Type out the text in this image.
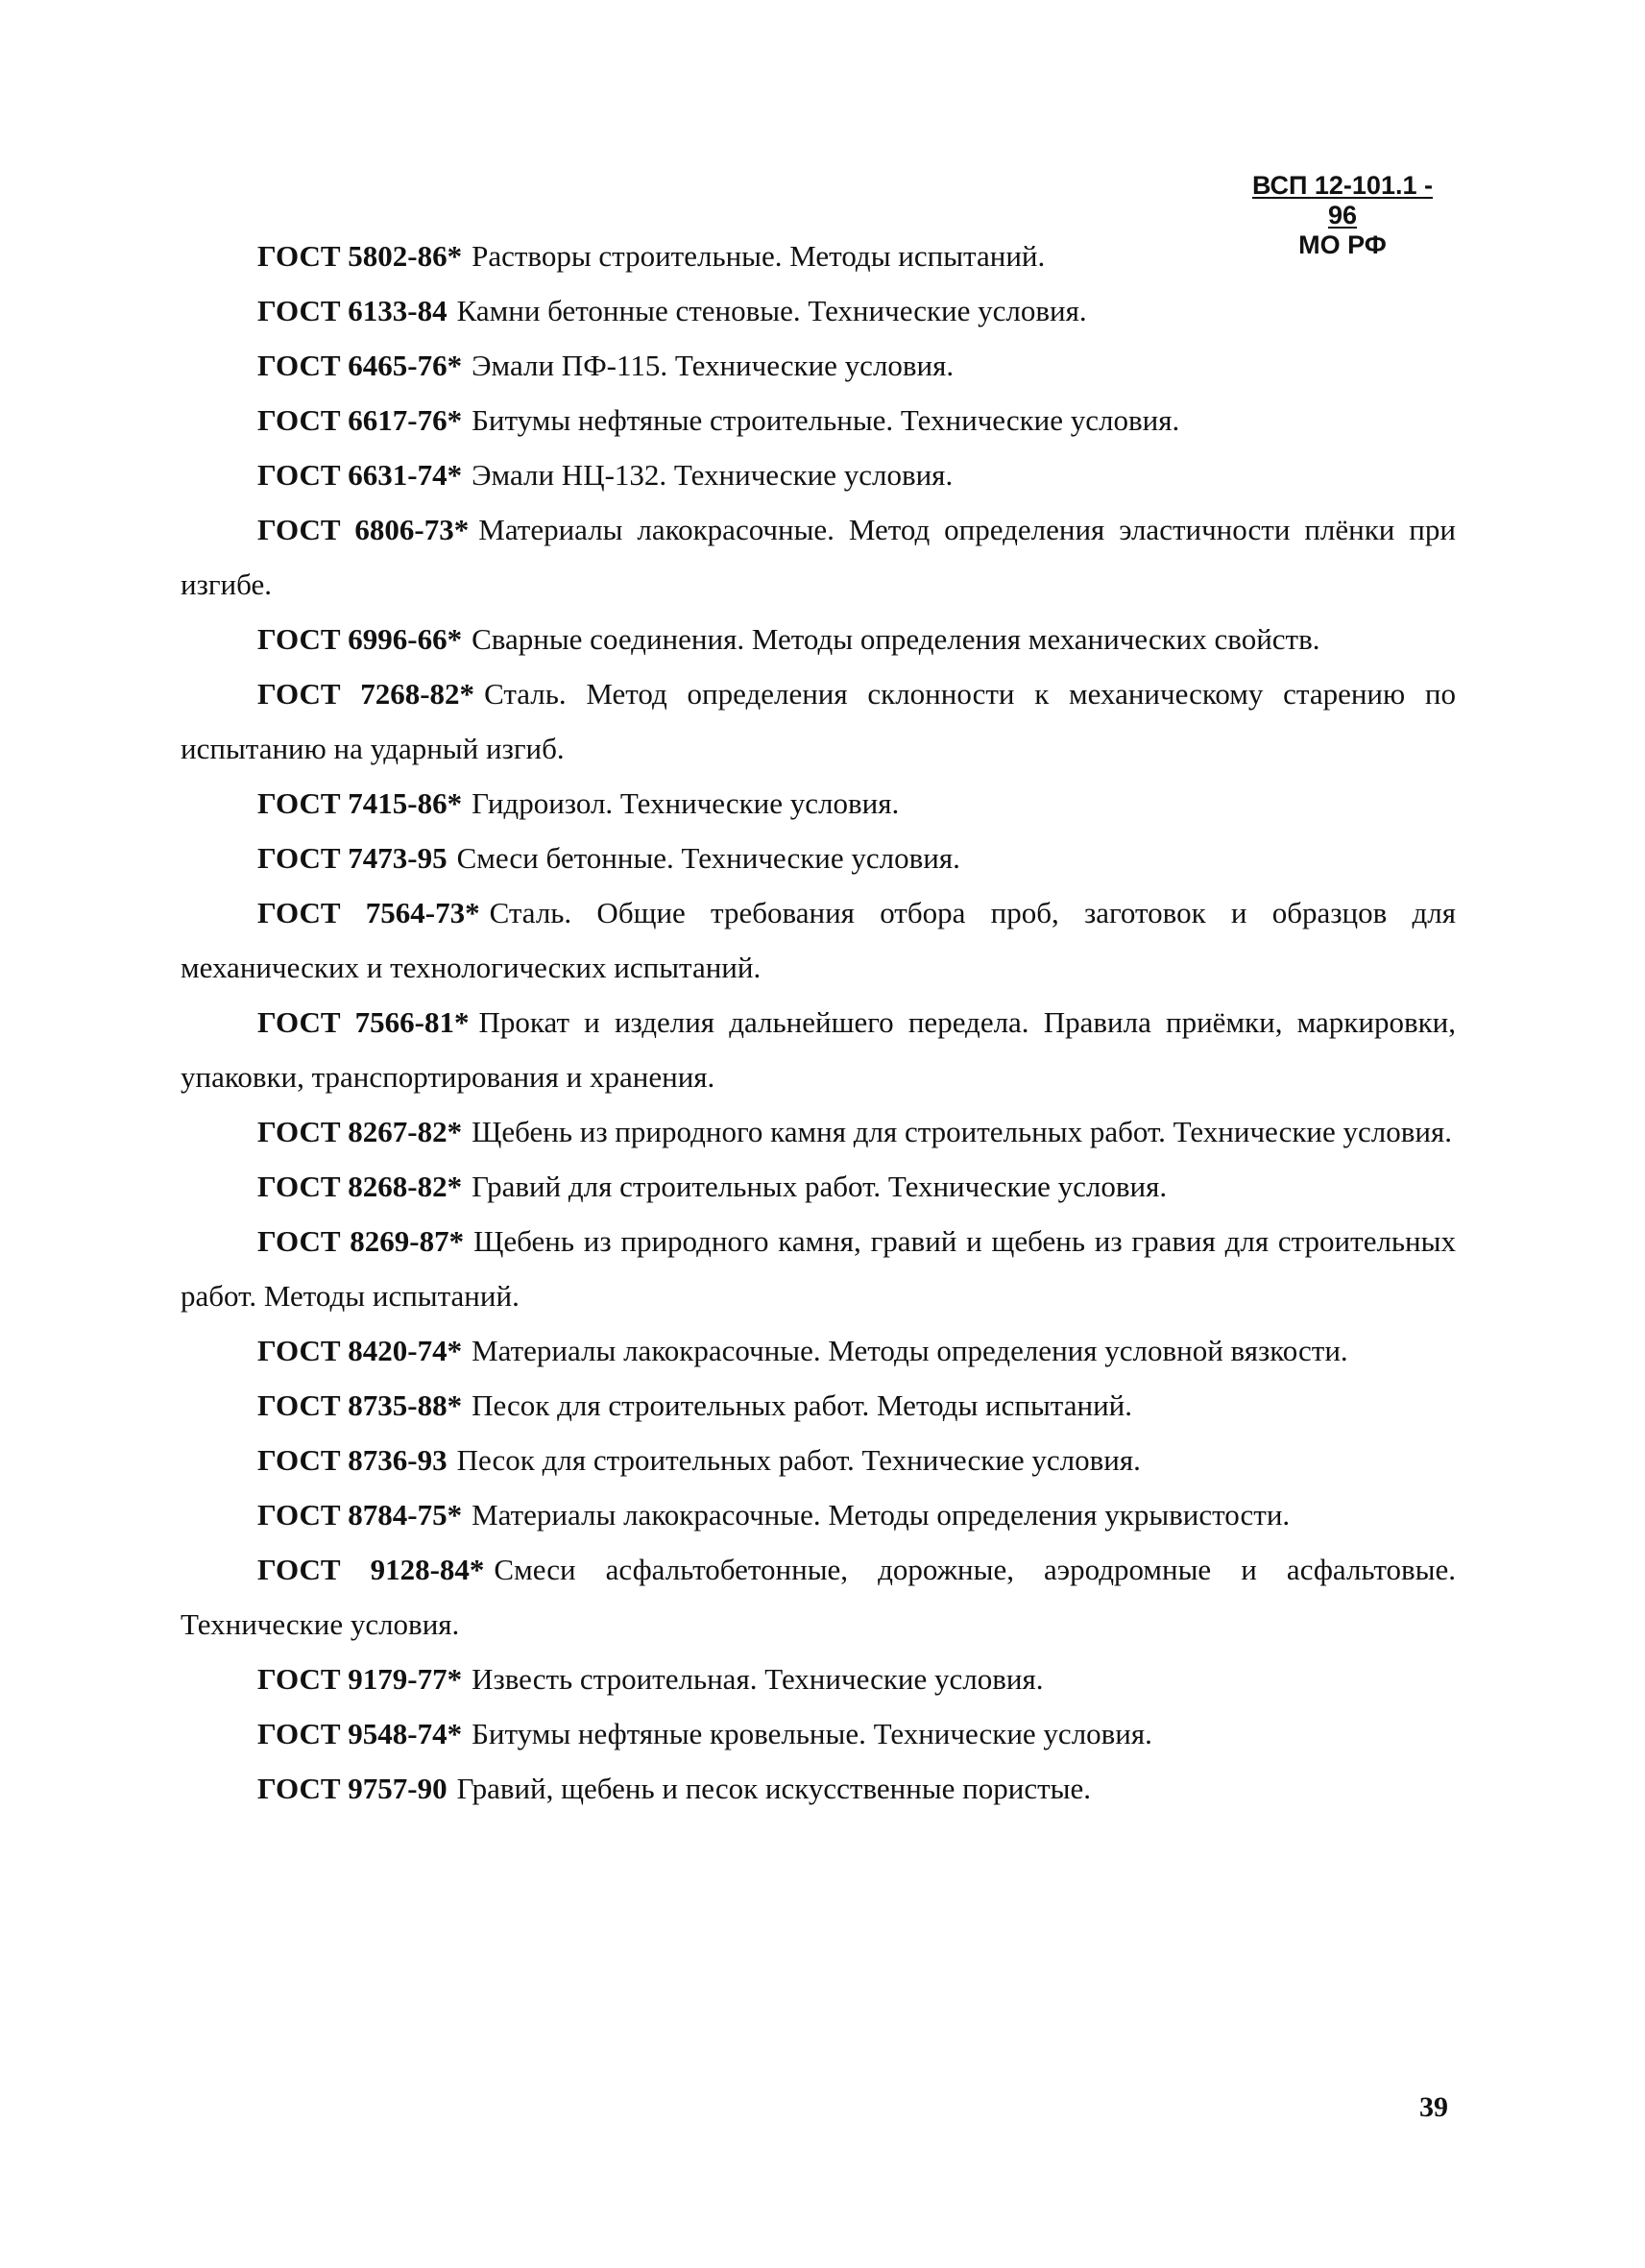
ВСП 12-101.1 - 96
МО РФ

ГОСТ 5802-86* Растворы строительные. Методы испытаний.

ГОСТ 6133-84 Камни бетонные стеновые. Технические условия.

ГОСТ 6465-76* Эмали ПФ-115. Технические условия.

ГОСТ 6617-76* Битумы нефтяные строительные. Технические условия.

ГОСТ 6631-74* Эмали НЦ-132. Технические условия.

ГОСТ 6806-73* Материалы лакокрасочные. Метод определения эластичности плёнки при изгибе.

ГОСТ 6996-66* Сварные соединения. Методы определения механических свойств.

ГОСТ 7268-82* Сталь. Метод определения склонности к механическому старению по испытанию на ударный изгиб.

ГОСТ 7415-86* Гидроизол. Технические условия.

ГОСТ 7473-95 Смеси бетонные. Технические условия.

ГОСТ 7564-73* Сталь. Общие требования отбора проб, заготовок и образцов для механических и технологических испытаний.

ГОСТ 7566-81* Прокат и изделия дальнейшего передела. Правила приёмки, маркировки, упаковки, транспортирования и хранения.

ГОСТ 8267-82* Щебень из природного камня для строительных работ. Технические условия.

ГОСТ 8268-82* Гравий для строительных работ. Технические условия.

ГОСТ 8269-87* Щебень из природного камня, гравий и щебень из гравия для строительных работ. Методы испытаний.

ГОСТ 8420-74* Материалы лакокрасочные. Методы определения условной вязкости.

ГОСТ 8735-88* Песок для строительных работ. Методы испытаний.

ГОСТ 8736-93 Песок для строительных работ. Технические условия.

ГОСТ 8784-75* Материалы лакокрасочные. Методы определения укрывистости.

ГОСТ 9128-84* Смеси асфальтобетонные, дорожные, аэродромные и асфальтовые. Технические условия.

ГОСТ 9179-77* Известь строительная. Технические условия.

ГОСТ 9548-74* Битумы нефтяные кровельные. Технические условия.

ГОСТ 9757-90 Гравий, щебень и песок искусственные пористые.

39
